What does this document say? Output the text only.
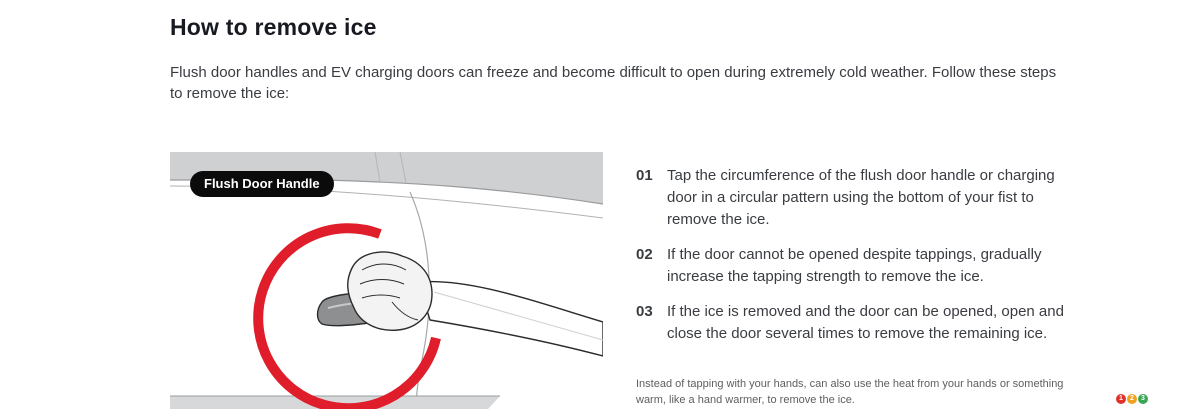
How to remove ice

Flush door handles and EV charging doors can freeze and become difficult to open during extremely cold weather. Follow these steps to remove the ice:

Flush Door Handle	01 Tap the circumference of the flush door handle or charging door in a circular pattern using the bottom of your fist to remove the ice.
02 If the door cannot be opened despite tappings, gradually increase the tapping strength to remove the ice.
03 If the ice is removed and the door can be opened, open and close the door several times to remove the remaining ice.
Instead of tapping with your hands, can also use the heat from your hands or something warm, like a hand warmer, to remove the ice.	1	2	3
